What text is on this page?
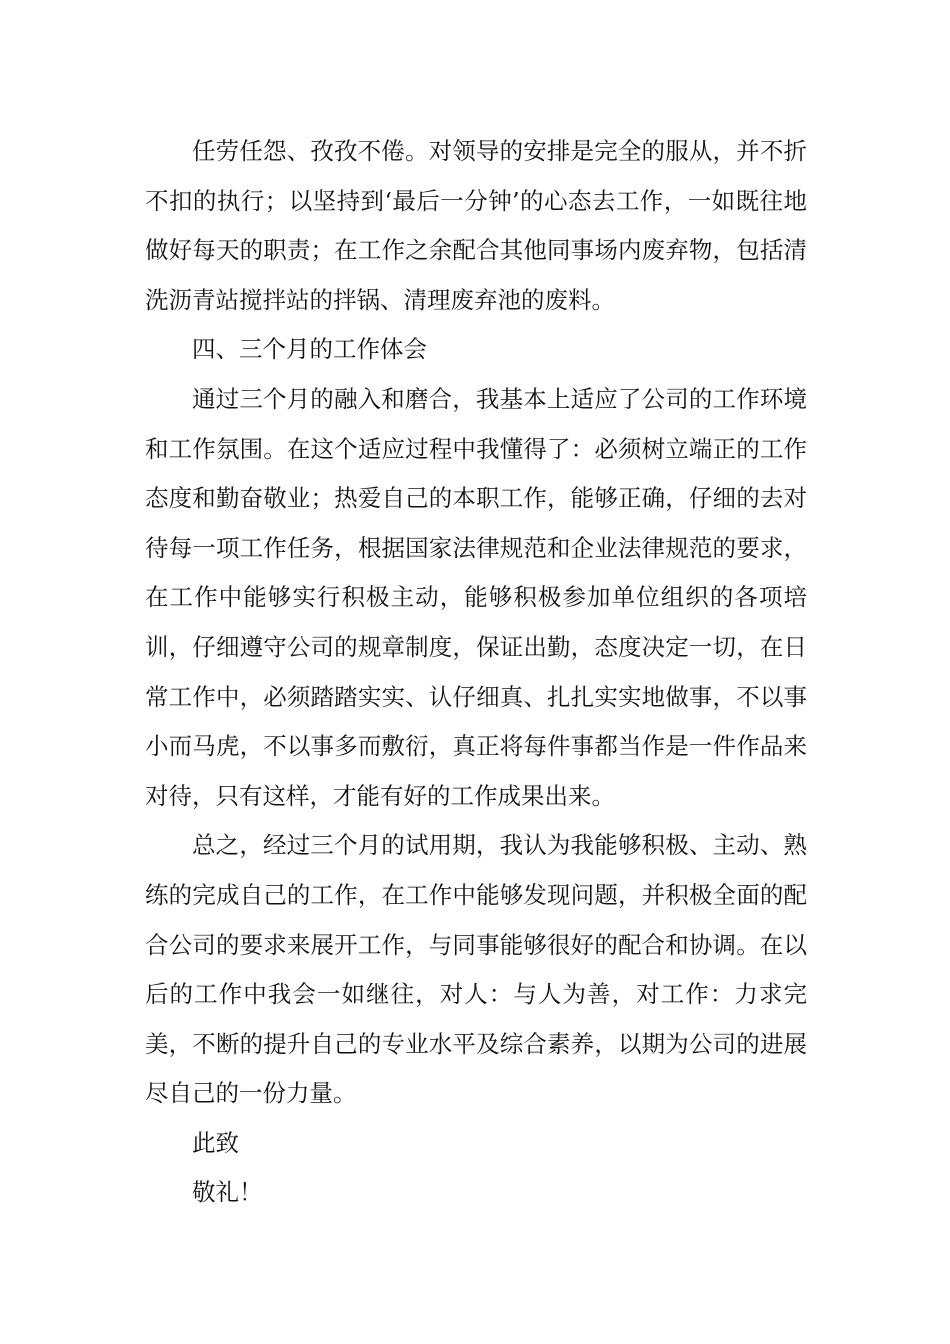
任劳任怨、孜孜不倦。对领导的安排是完全的服从，并不折不扣的执行；以坚持到‘最后一分钟’的心态去工作，一如既往地做好每天的职责；在工作之余配合其他同事场内废弃物，包括清洗沥青站搅拌站的拌锅、清理废弃池的废料。

四、三个月的工作体会

通过三个月的融入和磨合，我基本上适应了公司的工作环境和工作氛围。在这个适应过程中我懂得了：必须树立端正的工作态度和勤奋敬业；热爱自己的本职工作，能够正确，仔细的去对待每一项工作任务，根据国家法律规范和企业法律规范的要求，在工作中能够实行积极主动，能够积极参加单位组织的各项培训，仔细遵守公司的规章制度，保证出勤，态度决定一切，在日常工作中，必须踏踏实实、认仔细真、扎扎实实地做事，不以事小而马虎，不以事多而敷衍，真正将每件事都当作是一件作品来对待，只有这样，才能有好的工作成果出来。

总之，经过三个月的试用期，我认为我能够积极、主动、熟练的完成自己的工作，在工作中能够发现问题，并积极全面的配合公司的要求来展开工作，与同事能够很好的配合和协调。在以后的工作中我会一如继往，对人：与人为善，对工作：力求完美，不断的提升自己的专业水平及综合素养，以期为公司的进展尽自己的一份力量。

此致

敬礼！
